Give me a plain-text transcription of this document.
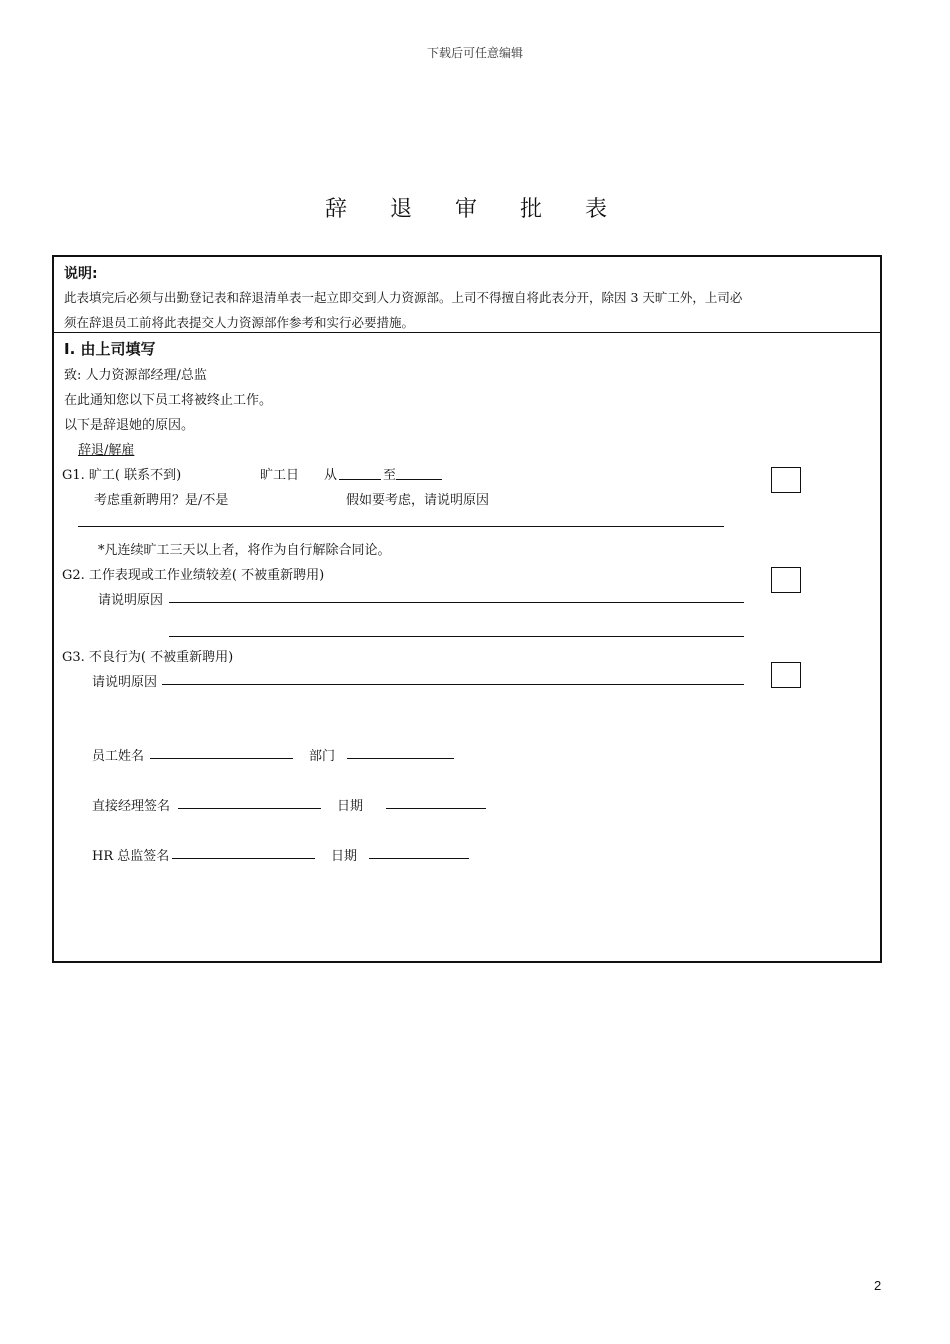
下载后可任意编辑
辞 退 审 批 表
说明:
此表填完后必须与出勤登记表和辞退清单表一起立即交到人力资源部。上司不得擅自将此表分开，除因 3 天旷工外，上司必
须在辞退员工前将此表提交人力资源部作参考和实行必要措施。
I. 由上司填写
致: 人力资源部经理/总监
在此通知您以下员工将被终止工作。
以下是辞退她的原因。
辞退/解雇
G1. 旷工( 联系不到)	旷工日 从	至
考虑重新聘用？是/不是	假如要考虑，请说明原因
*凡连续旷工三天以上者，将作为自行解除合同论。
G2. 工作表现或工作业绩较差( 不被重新聘用)
请说明原因
G3. 不良行为( 不被重新聘用)
请说明原因
员工姓名	部门
直接经理签名	日期
HR 总监签名	日期
2
